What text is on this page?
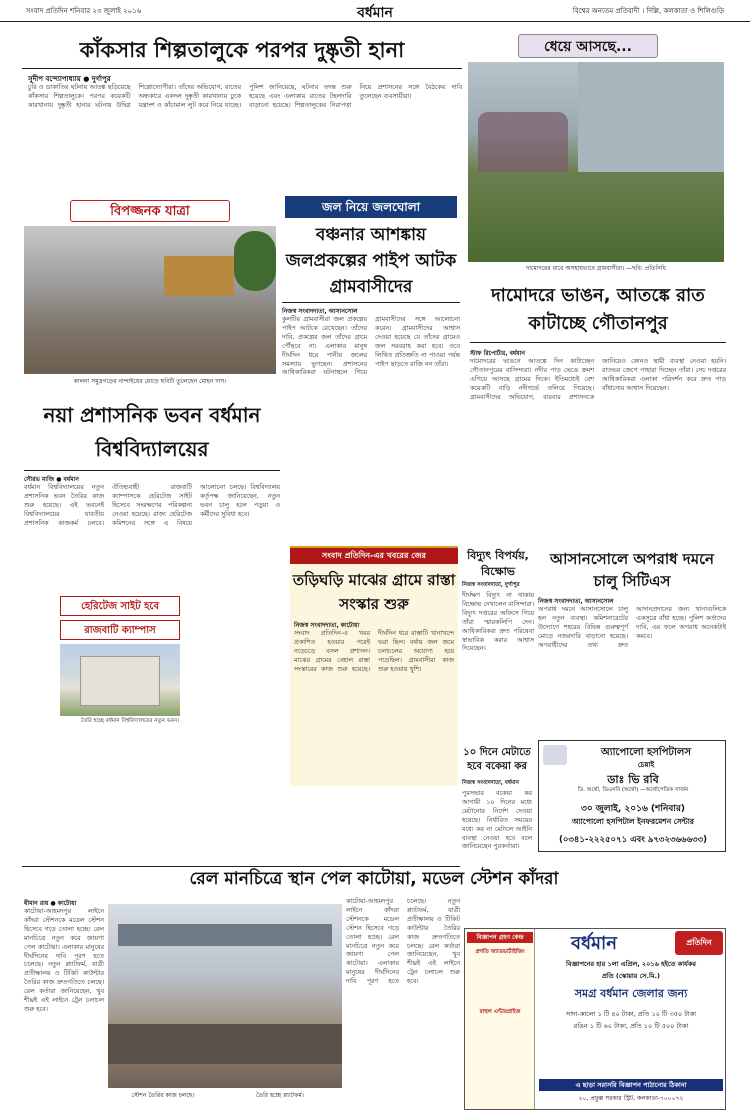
সংবাদ প্রতিদিন শনিবার ২৩ জুলাই ২০১৬	বর্ধমান	বিশ্বের অন্যতম প্রতিবাদী । দিল্লি, কলকাতা ও শিলিগুড়ি
কাঁকসার শিল্পতালুকে পরপর দুষ্কৃতী হানা
সুদীপ বন্দ্যোপাধ্যায় ● দুর্গাপুর
চুরি ও ডাকাতির ঘটনায় আতঙ্ক ছড়িয়েছে কাঁকসার শিল্পতালুকে। পরপর কয়েকটি কারখানায় দুষ্কৃতী হানার ঘটনায় উদ্বিগ্ন শিল্পোদ্যোগীরা। তাঁদের অভিযোগ, রাতের অন্ধকারে একদল দুষ্কৃতী কারখানায় ঢুকে যন্ত্রাংশ ও কাঁচামাল লুট করে নিয়ে যাচ্ছে। পুলিশ জানিয়েছে, ঘটনার তদন্ত শুরু হয়েছে এবং এলাকায় রাতের টহলদারি বাড়ানো হয়েছে। শিল্পতালুকের নিরাপত্তা নিয়ে প্রশাসনের সঙ্গে বৈঠকের দাবি তুলেছেন ব্যবসায়ীরা।
ধেয়ে আসছে...
দামোদরের ধারে অসহায়ভাবে গ্রামবাসীরা। —ছবি: প্রতিনিধি
বিপজ্জনক যাত্রা
কালনা সমুদ্রগড়ের নান্দাইয়ের মোড়ে ছবিটি তুলেছেন মোহন দাস।
জল নিয়ে জলঘোলা
বঞ্চনার আশঙ্কায় জলপ্রকল্পের পাইপ আটক গ্রামবাসীদের
নিজস্ব সংবাদদাতা, আসানসোল
কুলটির গ্রামবাসীরা জল প্রকল্পের পাইপ আটকে রেখেছেন। তাঁদের দাবি, প্রকল্পের জল তাঁদের গ্রামে পৌঁছবে না। এলাকার মানুষ দীর্ঘদিন ধরে পানীয় জলের সমস্যায় ভুগছেন। প্রশাসনের আধিকারিকরা ঘটনাস্থলে গিয়ে গ্রামবাসীদের সঙ্গে আলোচনা করেন। গ্রামবাসীদের আশ্বাস দেওয়া হয়েছে যে তাঁদের গ্রামেও জল সরবরাহ করা হবে। তবে লিখিত প্রতিশ্রুতি না পাওয়া পর্যন্ত পাইপ ছাড়তে রাজি নন তাঁরা।
দামোদরে ভাঙন, আতঙ্কে রাত কাটাচ্ছে গৌতানপুর
স্টাফ রিপোর্টার, বর্ধমান
দামোদরের ভাঙনে আতঙ্কে দিন কাটাচ্ছেন গৌতানপুরের বাসিন্দারা। নদীর পাড় ভেঙে ক্রমশ এগিয়ে আসছে গ্রামের দিকে। ইতিমধ্যেই বেশ কয়েকটি বাড়ি নদীগর্ভে তলিয়ে গিয়েছে। গ্রামবাসীদের অভিযোগ, বারবার প্রশাসনকে জানিয়েও কোনও স্থায়ী ব্যবস্থা নেওয়া হয়নি। রাতভর জেগে পাহারা দিচ্ছেন তাঁরা। সেচ দপ্তরের আধিকারিকরা এলাকা পরিদর্শন করে দ্রুত পাড় বাঁধানোর আশ্বাস দিয়েছেন।
নয়া প্রশাসনিক ভবন বর্ধমান বিশ্ববিদ্যালয়ের
সৌরভ মাজি ● বর্ধমান
বর্ধমান বিশ্ববিদ্যালয়ের নতুন প্রশাসনিক ভবন তৈরির কাজ শুরু হয়েছে। এই ভবনেই বিশ্ববিদ্যালয়ের যাবতীয় প্রশাসনিক কাজকর্ম চলবে। ঐতিহ্যবাহী রাজবাটি ক্যাম্পাসকে হেরিটেজ সাইট হিসেবে সংরক্ষণের পরিকল্পনা নেওয়া হয়েছে। রাজ্য হেরিটেজ কমিশনের সঙ্গে এ বিষয়ে আলোচনা চলছে। বিশ্ববিদ্যালয় কর্তৃপক্ষ জানিয়েছেন, নতুন ভবন চালু হলে পড়ুয়া ও কর্মীদের সুবিধা হবে।
হেরিটেজ সাইট হবে
রাজবাটি ক্যাম্পাস
তৈরি হচ্ছে বর্ধমান বিশ্ববিদ্যালয়ের নতুন ভবন।
সংবাদ প্রতিদিন-এর খবরের জের
তড়িঘড়ি মাঝের গ্রামে রাস্তা সংস্কার শুরু
নিজস্ব সংবাদদাতা, কাটোয়া
সংবাদ প্রতিদিন-এ খবর প্রকাশিত হওয়ার পরেই নড়েচড়ে বসল প্রশাসন। মাঝের গ্রামের বেহাল রাস্তা সংস্কারের কাজ শুরু হয়েছে। দীর্ঘদিন ধরে রাস্তাটি খানাখন্দে ভরা ছিল। বর্ষায় জল জমে চলাচলের অযোগ্য হয়ে পড়েছিল। গ্রামবাসীরা কাজ শুরু হওয়ায় খুশি।
বিদ্যুৎ বিপর্যয়, বিক্ষোভ
নিজস্ব সংবাদদাতা, দুর্গাপুর
দীর্ঘক্ষণ বিদ্যুৎ না থাকায় বিক্ষোভ দেখালেন বাসিন্দারা। বিদ্যুৎ দপ্তরের অফিসে গিয়ে তাঁরা স্মারকলিপি দেন। আধিকারিকরা দ্রুত পরিষেবা স্বাভাবিক করার আশ্বাস দিয়েছেন।
আসানসোলে অপরাধ দমনে চালু সিটিএস
নিজস্ব সংবাদদাতা, আসানসোল
অপরাধ দমনে আসানসোলে চালু হল নতুন ব্যবস্থা। কমিশনারেটের উদ্যোগে শহরের বিভিন্ন গুরুত্বপূর্ণ মোড়ে নজরদারি বাড়ানো হয়েছে। অপরাধীদের তথ্য দ্রুত আদানপ্রদানের জন্য থানাগুলিকে একসূত্রে বাঁধা হচ্ছে। পুলিশ কর্তাদের দাবি, এর ফলে অপরাধ অনেকটাই কমবে।
১০ দিনে মেটাতে হবে বকেয়া কর
নিজস্ব সংবাদদাতা, বর্ধমান
পুরসভার বকেয়া কর আগামী ১০ দিনের মধ্যে মেটানোর নির্দেশ দেওয়া হয়েছে। নির্ধারিত সময়ের মধ্যে কর না মেটালে আইনি ব্যবস্থা নেওয়া হবে বলে জানিয়েছেন পুরকর্তারা।
অ্যাপোলো হসপিটালস
চেন্নাই
ডাঃ ভি রবি
ডি. অর্থো, ডিএনবি (অর্থো) —অর্থোপেডিক সার্জন
৩০ জুলাই, ২০১৬ (শনিবার)
অ্যাপোলো হসপিটাল ইনফরমেশন সেন্টার
(০৩৪১-২২২৫০৭১ এবং ৯৭৩২৩৬৬৬৩৩)
রেল মানচিত্রে স্থান পেল কাটোয়া, মডেল স্টেশন কাঁদরা
ধীমান রায় ● কাটোয়া
কাটোয়া-আহমদপুর লাইনে কাঁদরা স্টেশনকে মডেল স্টেশন হিসেবে গড়ে তোলা হচ্ছে। রেল মানচিত্রে নতুন করে জায়গা পেল কাটোয়া। এলাকার মানুষের দীর্ঘদিনের দাবি পূরণ হতে চলেছে। নতুন প্ল্যাটফর্ম, যাত্রী প্রতীক্ষালয় ও টিকিট কাউন্টার তৈরির কাজ দ্রুতগতিতে চলছে। রেল কর্তারা জানিয়েছেন, খুব শীঘ্রই এই লাইনে ট্রেন চলাচল শুরু হবে।
স্টেশন তৈরির কাজ চলছে।	তৈরি হচ্ছে প্ল্যাটফর্ম।
কাটোয়া-আহমদপুর লাইনে কাঁদরা স্টেশনকে মডেল স্টেশন হিসেবে গড়ে তোলা হচ্ছে। রেল মানচিত্রে নতুন করে জায়গা পেল কাটোয়া। এলাকার মানুষের দীর্ঘদিনের দাবি পূরণ হতে চলেছে। নতুন প্ল্যাটফর্ম, যাত্রী প্রতীক্ষালয় ও টিকিট কাউন্টার তৈরির কাজ দ্রুতগতিতে চলছে। রেল কর্তারা জানিয়েছেন, খুব শীঘ্রই এই লাইনে ট্রেন চলাচল শুরু হবে।
বিজ্ঞাপন গ্রহণ কেন্দ্র
প্রগতি অ্যাডভার্টাইজিং
রাহুল এন্টারপ্রাইজ
বর্ধমান	প্রতিদিন
বিজ্ঞাপনের হার ১লা এপ্রিল, ২০১৬ হইতে কার্যকর
প্রতি (স্কোয়ার সে.মি.)
সমগ্র বর্ধমান জেলার জন্য
সাদা-কালো ১ টি ৪০ টাকা, প্রতি ১০ টি ৩৫০ টাকা
রঙিন ১ টি ৬০ টাকা, প্রতি ১০ টি ৫০০ টাকা
এ ছাড়া সরাসরি বিজ্ঞাপন পাঠানোর ঠিকানা
২০, প্রফুল্ল সরকার স্ট্রিট, কলকাতা-৭০০০৭২
